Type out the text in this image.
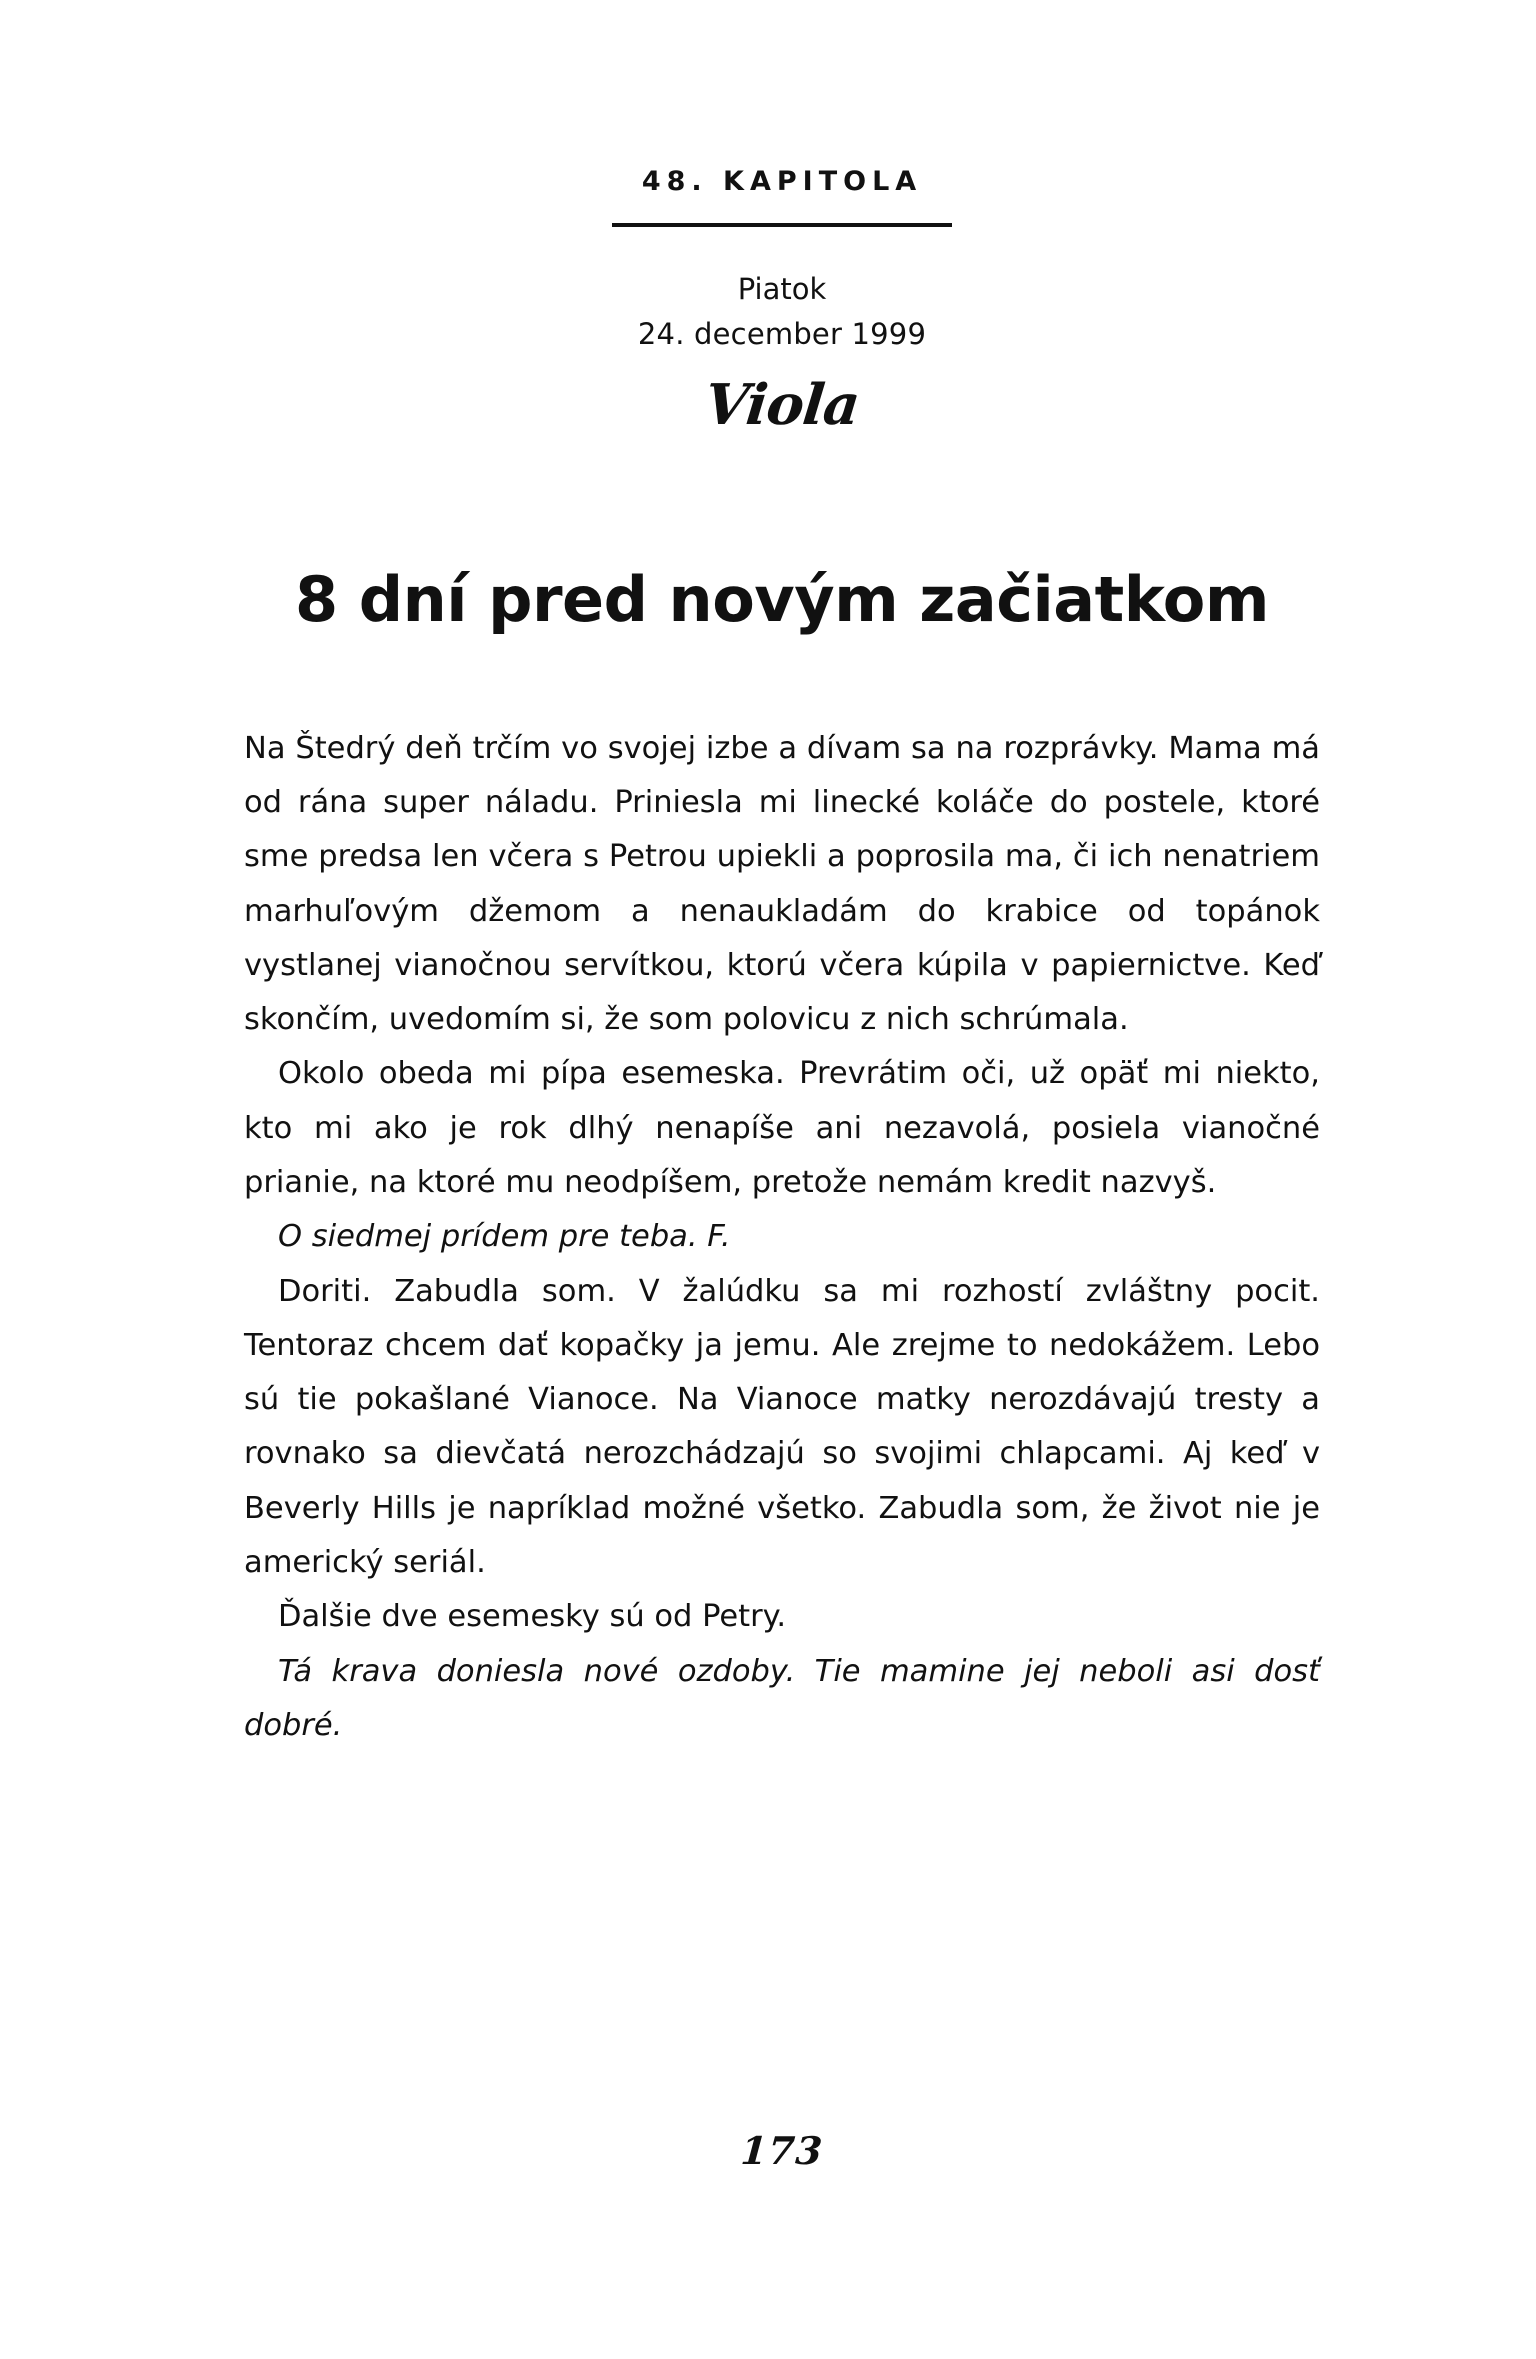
48. KAPITOLA
Piatok
24. december 1999
Viola
8 dní pred novým začiatkom

Na Štedrý deň trčím vo svojej izbe a dívam sa na rozprávky. Mama má od rána super náladu. Priniesla mi linecké koláče do postele, ktoré sme predsa len včera s Petrou upiekli a poprosila ma, či ich nenatriem marhuľovým džemom a nenaukladám do krabice od topánok vystlanej vianočnou servítkou, ktorú včera kúpila v papiernictve. Keď skončím, uvedomím si, že som polovicu z nich schrúmala.

Okolo obeda mi pípa esemeska. Prevrátim oči, už opäť mi niekto, kto mi ako je rok dlhý nenapíše ani nezavolá, posiela vianočné prianie, na ktoré mu neodpíšem, pretože nemám kredit nazvyš.

O siedmej prídem pre teba. F.

Doriti. Zabudla som. V žalúdku sa mi rozhostí zvláštny pocit. Tentoraz chcem dať kopačky ja jemu. Ale zrejme to nedokážem. Lebo sú tie pokašlané Vianoce. Na Vianoce matky nerozdávajú tresty a rovnako sa dievčatá nerozchádzajú so svojimi chlapcami. Aj keď v Beverly Hills je napríklad možné všetko. Zabudla som, že život nie je americký seriál.

Ďalšie dve esemesky sú od Petry.

Tá krava doniesla nové ozdoby. Tie mamine jej neboli asi dosť dobré.

173
